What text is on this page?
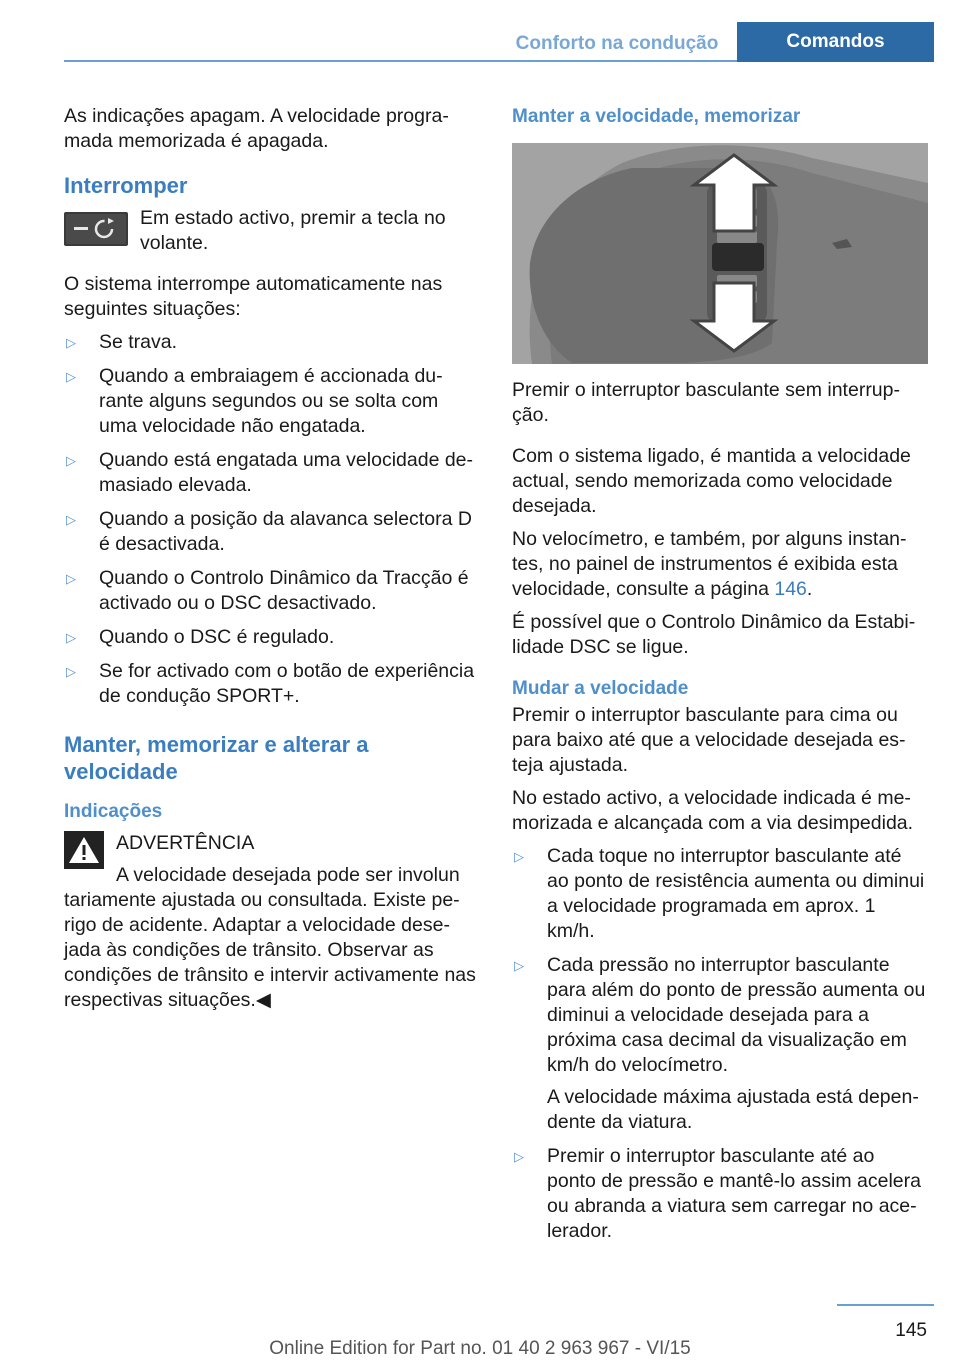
Conforto na condução	Comandos

As indicações apagam. A velocidade programada memorizada é apagada.

Interromper

Em estado activo, premir a tecla no volante.

O sistema interrompe automaticamente nas seguintes situações:

▷ Se trava.
▷ Quando a embraiagem é accionada durante alguns segundos ou se solta com uma velocidade não engatada.
▷ Quando está engatada uma velocidade demasiado elevada.
▷ Quando a posição da alavanca selectora D é desactivada.
▷ Quando o Controlo Dinâmico da Tracção é activado ou o DSC desactivado.
▷ Quando o DSC é regulado.
▷ Se for activado com o botão de experiência de condução SPORT+.
Manter, memorizar e alterar a velocidade
Indicações

ADVERTÊNCIA

A velocidade desejada pode ser involun

tariamente ajustada ou consultada. Existe perigo de acidente. Adaptar a velocidade desejada às condições de trânsito. Observar as condições de trânsito e intervir activamente nas respectivas situações.◀

Manter a velocidade, memorizar

Premir o interruptor basculante sem interrupção.

Com o sistema ligado, é mantida a velocidade actual, sendo memorizada como velocidade desejada.

No velocímetro, e também, por alguns instantes, no painel de instrumentos é exibida esta velocidade, consulte a página 146.

É possível que o Controlo Dinâmico da Estabilidade DSC se ligue.

Mudar a velocidade

Premir o interruptor basculante para cima ou para baixo até que a velocidade desejada esteja ajustada.

No estado activo, a velocidade indicada é memorizada e alcançada com a via desimpedida.

▷ Cada toque no interruptor basculante até ao ponto de resistência aumenta ou diminui a velocidade programada em aprox. 1 km/h.
▷ Cada pressão no interruptor basculante para além do ponto de pressão aumenta ou diminui a velocidade desejada para a próxima casa decimal da visualização em km/h do velocímetro.
A velocidade máxima ajustada está dependente da viatura.
▷ Premir o interruptor basculante até ao ponto de pressão e mantê-lo assim acelera ou abranda a viatura sem carregar no acelerador.
145
Online Edition for Part no. 01 40 2 963 967 - VI/15
